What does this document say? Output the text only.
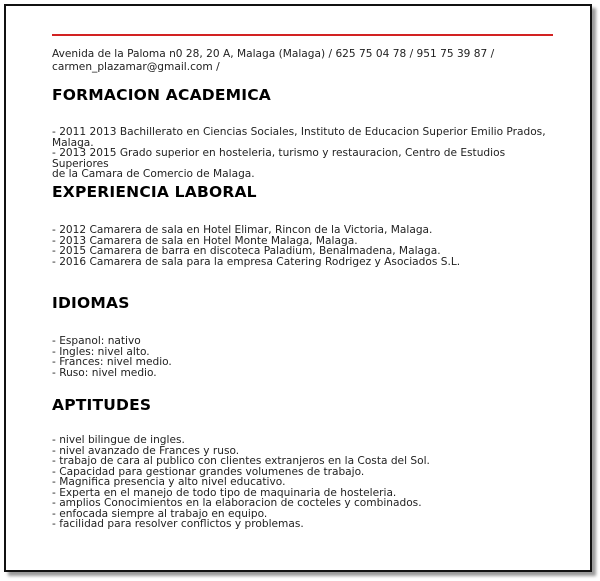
Avenida de la Paloma n0 28, 20 A, Malaga (Malaga) / 625 75 04 78 / 951 75 39 87 /
carmen_plazamar@gmail.com /
FORMACION ACADEMICA
- 2011 2013 Bachillerato en Ciencias Sociales, Instituto de Educacion Superior Emilio Prados,
Malaga.
- 2013 2015 Grado superior en hosteleria, turismo y restauracion, Centro de Estudios Superiores
de la Camara de Comercio de Malaga.
EXPERIENCIA LABORAL
- 2012 Camarera de sala en Hotel Elimar, Rincon de la Victoria, Malaga.
- 2013 Camarera de sala en Hotel Monte Malaga, Malaga.
- 2015 Camarera de barra en discoteca Paladium, Benalmadena, Malaga.
- 2016 Camarera de sala para la empresa Catering Rodrigez y Asociados S.L.
IDIOMAS
- Espanol: nativo
- Ingles: nivel alto.
- Frances: nivel medio.
- Ruso: nivel medio.
APTITUDES
- nivel bilingue de ingles.
- nivel avanzado de Frances y ruso.
- trabajo de cara al publico con clientes extranjeros en la Costa del Sol.
- Capacidad para gestionar grandes volumenes de trabajo.
- Magnifica presencia y alto nivel educativo.
- Experta en el manejo de todo tipo de maquinaria de hosteleria.
- amplios Conocimientos en la elaboracion de cocteles y combinados.
- enfocada siempre al trabajo en equipo.
- facilidad para resolver conflictos y problemas.
